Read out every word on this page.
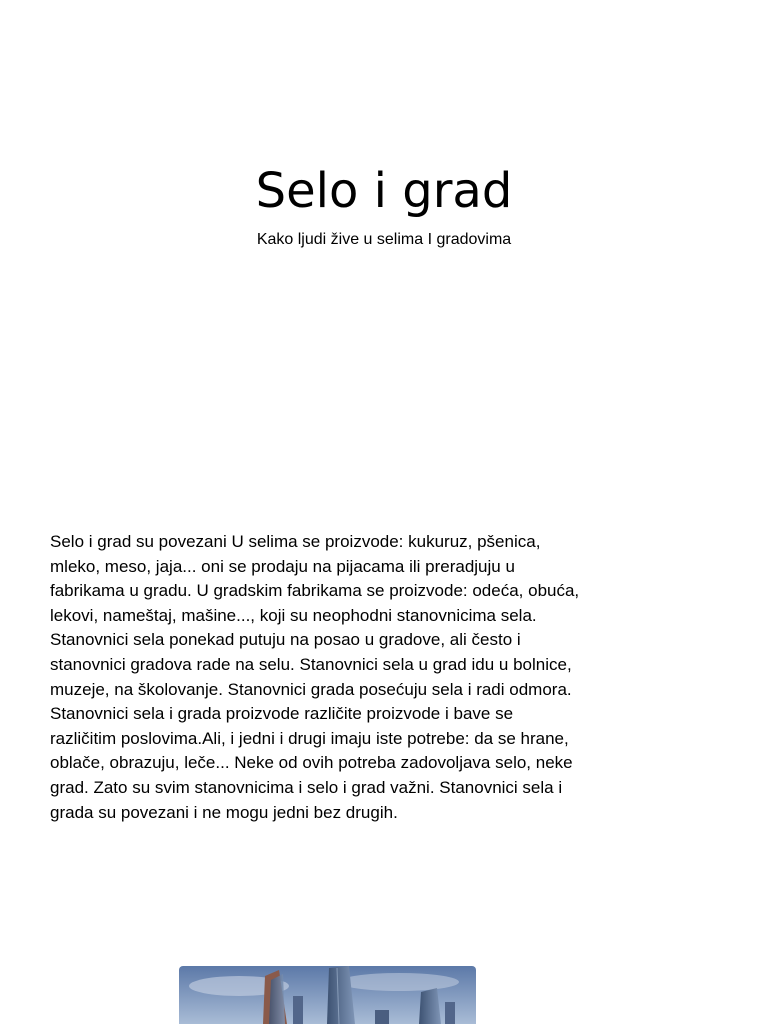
Selo i grad

Kako ljudi žive u selima I gradovima

Selo i grad su povezani U selima se proizvode: kukuruz, pšenica, mleko, meso, jaja... oni se prodaju na pijacama ili preradjuju u fabrikama u gradu. U gradskim fabrikama se proizvode: odeća, obuća, lekovi, nameštaj, mašine..., koji su neophodni stanovnicima sela. Stanovnici sela ponekad putuju na posao u gradove, ali često i stanovnici gradova rade na selu. Stanovnici sela u grad idu u bolnice, muzeje, na školovanje. Stanovnici grada posećuju sela i radi odmora. Stanovnici sela i grada proizvode različite proizvode i bave se različitim poslovima.Ali, i jedni i drugi imaju iste potrebe: da se hrane, oblače, obrazuju, leče... Neke od ovih potreba zadovoljava selo, neke grad. Zato su svim stanovnicima i selo i grad važni. Stanovnici sela i grada su povezani i ne mogu jedni bez drugih.
